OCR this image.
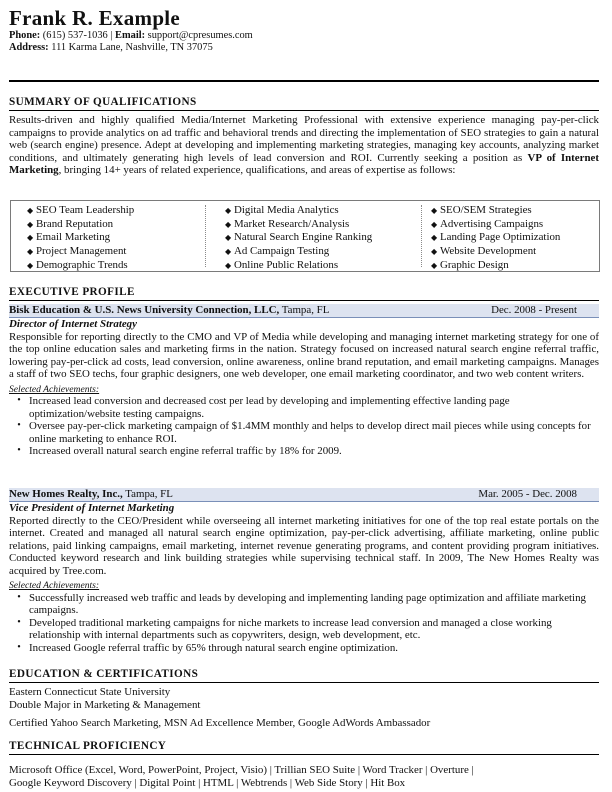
Frank R. Example
Phone: (615) 537-1036 | Email: support@cpresumes.com
Address: 111 Karma Lane, Nashville, TN 37075
SUMMARY OF QUALIFICATIONS
Results-driven and highly qualified Media/Internet Marketing Professional with extensive experience managing pay-per-click campaigns to provide analytics on ad traffic and behavioral trends and directing the implementation of SEO strategies to gain a natural web (search engine) presence. Adept at developing and implementing marketing strategies, managing key accounts, analyzing market conditions, and ultimately generating high levels of lead conversion and ROI. Currently seeking a position as VP of Internet Marketing, bringing 14+ years of related experience, qualifications, and areas of expertise as follows:
◆ SEO Team Leadership
◆ Brand Reputation
◆ Email Marketing
◆ Project Management
◆ Demographic Trends
◆ Digital Media Analytics
◆ Market Research/Analysis
◆ Natural Search Engine Ranking
◆ Ad Campaign Testing
◆ Online Public Relations
◆ SEO/SEM Strategies
◆ Advertising Campaigns
◆ Landing Page Optimization
◆ Website Development
◆ Graphic Design
EXECUTIVE PROFILE
Bisk Education & U.S. News University Connection, LLC, Tampa, FL	Dec. 2008 - Present
Director of Internet Strategy
Responsible for reporting directly to the CMO and VP of Media while developing and managing internet marketing strategy for one of the top online education sales and marketing firms in the nation. Strategy focused on increased natural search engine referral traffic, lowering pay-per-click ad costs, lead conversion, online awareness, online brand reputation, and email marketing campaigns. Manages a staff of two SEO techs, four graphic designers, one web developer, one email marketing coordinator, and two web content writers.
Selected Achievements:
• Increased lead conversion and decreased cost per lead by developing and implementing effective landing page optimization/website testing campaigns.
• Oversee pay-per-click marketing campaign of $1.4MM monthly and helps to develop direct mail pieces while using concepts for online marketing to enhance ROI.
• Increased overall natural search engine referral traffic by 18% for 2009.
New Homes Realty, Inc., Tampa, FL	Mar. 2005 - Dec. 2008
Vice President of Internet Marketing
Reported directly to the CEO/President while overseeing all internet marketing initiatives for one of the top real estate portals on the internet. Created and managed all natural search engine optimization, pay-per-click advertising, affiliate marketing, online public relations, paid linking campaigns, email marketing, internet revenue generating programs, and content providing program initiatives. Conducted keyword research and link building strategies while supervising technical staff. In 2009, The New Homes Realty was acquired by Tree.com.
Selected Achievements:
• Successfully increased web traffic and leads by developing and implementing landing page optimization and affiliate marketing campaigns.
• Developed traditional marketing campaigns for niche markets to increase lead conversion and managed a close working relationship with internal departments such as copywriters, design, web development, etc.
• Increased Google referral traffic by 65% through natural search engine optimization.
EDUCATION & CERTIFICATIONS
Eastern Connecticut State University
Double Major in Marketing & Management
Certified Yahoo Search Marketing, MSN Ad Excellence Member, Google AdWords Ambassador
TECHNICAL PROFICIENCY
Microsoft Office (Excel, Word, PowerPoint, Project, Visio) | Trillian SEO Suite | Word Tracker | Overture |
Google Keyword Discovery | Digital Point | HTML | Webtrends | Web Side Story | Hit Box
